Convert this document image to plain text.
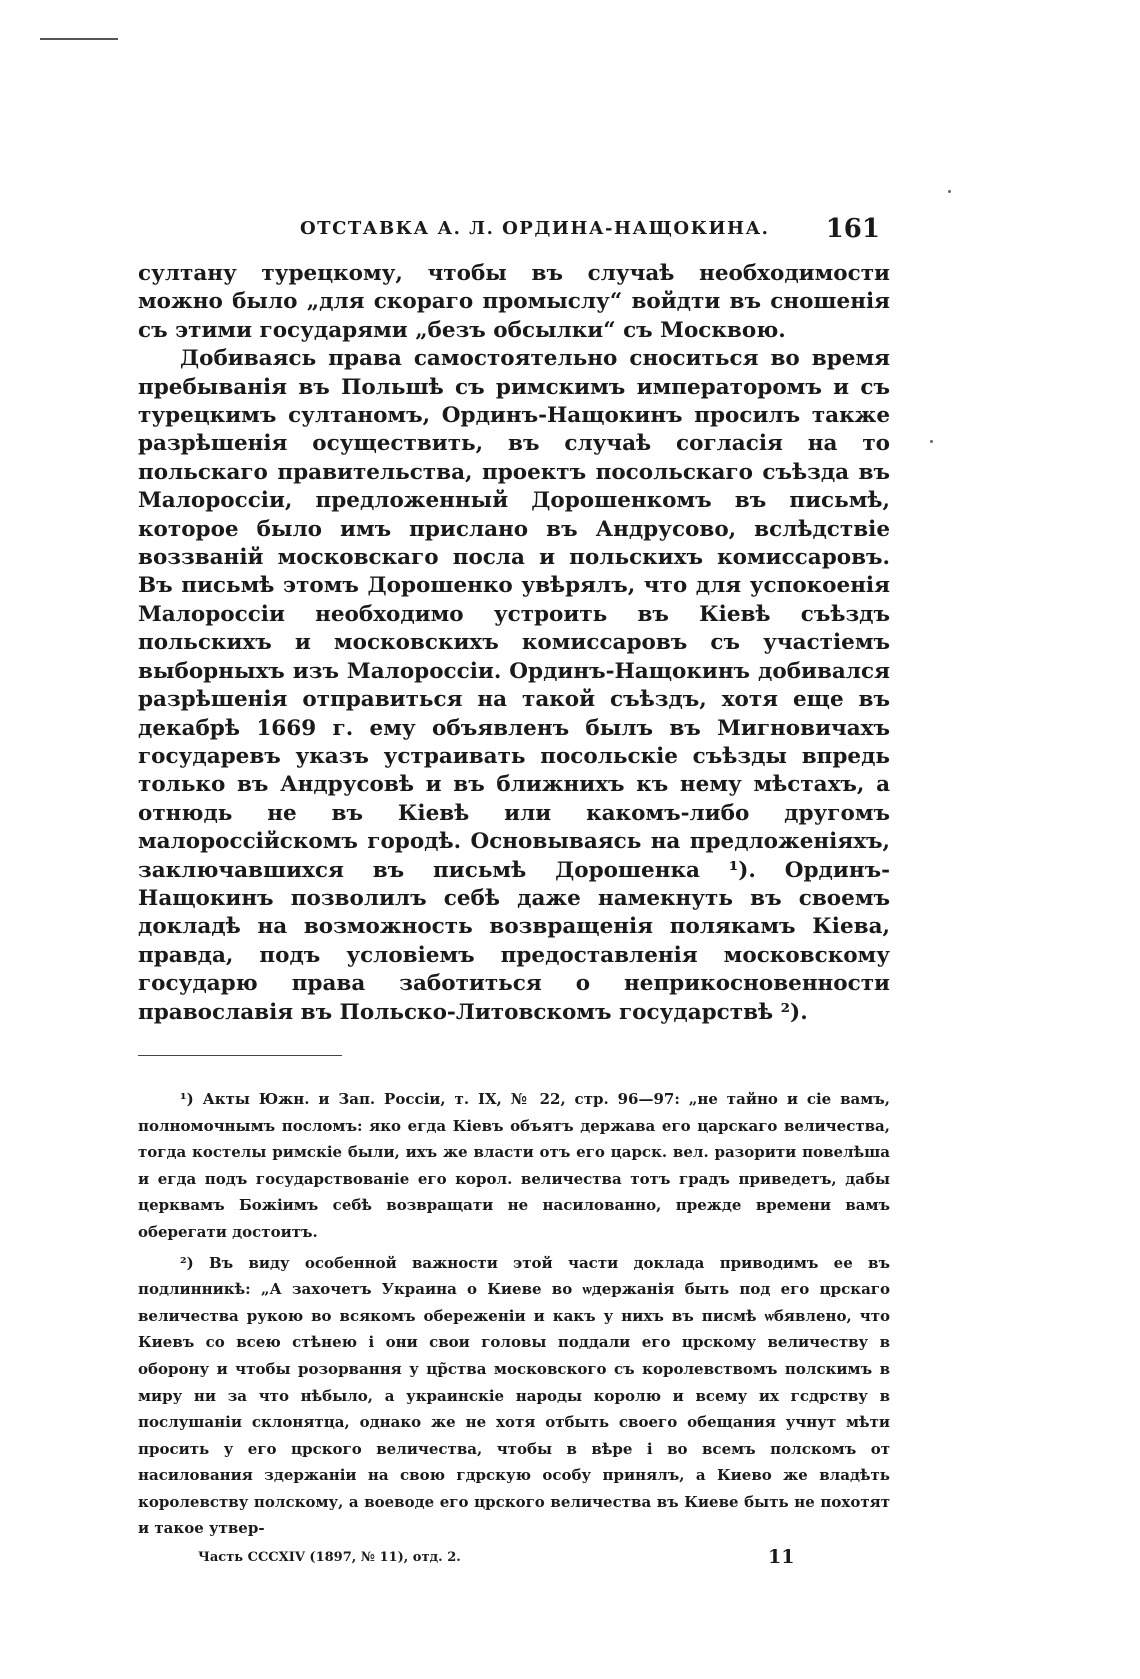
ОТСТАВКА А. Л. ОРДИНА-НАЩОКИНА. 161

султану турецкому, чтобы въ случаѣ необходимости можно было „для скораго промыслу“ войдти въ сношенія съ этими государями „безъ обсылки“ съ Москвою.

Добиваясь права самостоятельно сноситься во время пребыванія въ Польшѣ съ римскимъ императоромъ и съ турецкимъ султаномъ, Ординъ-Нащокинъ просилъ также разрѣшенія осуществить, въ случаѣ согласія на то польскаго правительства, проектъ посольскаго съѣзда въ Малороссіи, предложенный Дорошенкомъ въ письмѣ, которое было имъ прислано въ Андрусово, вслѣдствіе воззваній московскаго посла и польскихъ комиссаровъ. Въ письмѣ этомъ Дорошенко увѣрялъ, что для успокоенія Малороссіи необходимо устроить въ Кіевѣ съѣздъ польскихъ и московскихъ комиссаровъ съ участіемъ выборныхъ изъ Малороссіи. Ординъ-Нащокинъ добивался разрѣшенія отправиться на такой съѣздъ, хотя еще въ декабрѣ 1669 г. ему объявленъ былъ въ Мигновичахъ государевъ указъ устраивать посольскіе съѣзды впредь только въ Андрусовѣ и въ ближнихъ къ нему мѣстахъ, а отнюдь не въ Кіевѣ или какомъ-либо другомъ малороссійскомъ городѣ. Основываясь на предложеніяхъ, заключавшихся въ письмѣ Дорошенка ¹). Ординъ-Нащокинъ позволилъ себѣ даже намекнуть въ своемъ докладѣ на возможность возвращенія полякамъ Кіева, правда, подъ условіемъ предоставленія московскому государю права заботиться о неприкосновенности православія въ Польско-Литовскомъ государствѣ ²).

¹) Акты Южн. и Зап. Россіи, т. IX, № 22, стр. 96—97: „не тайно и сіе вамъ, полномочнымъ посломъ: яко егда Кіевъ объятъ держава его царскаго величества, тогда костелы римскіе были, ихъ же власти отъ его царск. вел. разорити повелѣша и егда подъ государствованіе его корол. величества тотъ градъ приведетъ, дабы церквамъ Божіимъ себѣ возвращати не насилованно, прежде времени вамъ оберегати достоитъ.

²) Въ виду особенной важности этой части доклада приводимъ ее въ подлинникѣ: „А захочетъ Украина о Киеве во ѡдержанія быть под его црскаго величества рукою во всякомъ обереженіи и какъ у нихъ въ писмѣ ѡбявлено, что Киевъ со всею стѣнею і они свои головы поддали его црскому величеству в оборону и чтобы розорвання у цр̃ства московского съ королевствомъ полскимъ в миру ни за что нѣбыло, а украинскіе народы королю и всему их гсдрству в послушаніи склонятца, однако же не хотя отбыть своего обещания учнут мѣти просить у его црского величества, чтобы в вѣре і во всемъ полскомъ от насилования здержаніи на свою гдрскую особу принялъ, а Киево же владѣть королевству полскому, а воеводе его црского величества въ Киеве быть не похотят и такое утвер-

Часть CCCXIV (1897, № 11), отд. 2.	11
